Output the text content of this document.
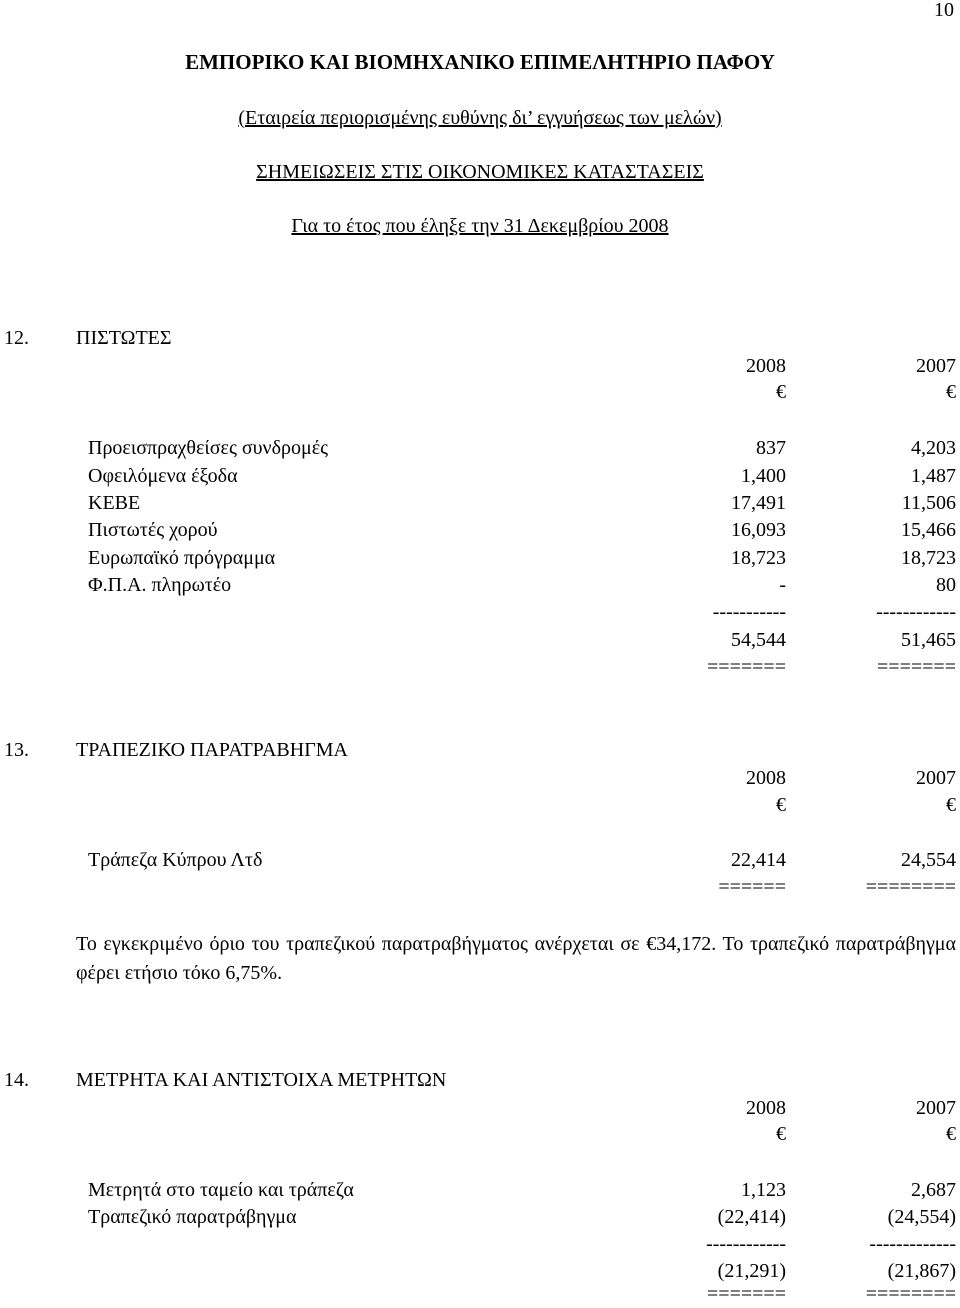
10
ΕΜΠΟΡΙΚΟ ΚΑΙ ΒΙΟΜΗΧΑΝΙΚΟ ΕΠΙΜΕΛΗΤΗΡΙΟ ΠΑΦΟΥ
(Εταιρεία περιορισμένης ευθύνης δι’ εγγυήσεως των μελών)
ΣΗΜΕΙΩΣΕΙΣ ΣΤΙΣ ΟΙΚΟΝΟΜΙΚΕΣ ΚΑΤΑΣΤΑΣΕΙΣ
Για το έτος που έληξε την 31 Δεκεμβρίου 2008
12. ΠΙΣΤΩΤΕΣ
2008	2007
€	€
Προεισπραχθείσες συνδρομές	837	4,203
Οφειλόμενα έξοδα	1,400	1,487
ΚΕΒΕ	17,491	11,506
Πιστωτές χορού	16,093	15,466
Ευρωπαϊκό πρόγραμμα	18,723	18,723
Φ.Π.Α. πληρωτέο	-	80
-----------	------------
54,544	51,465
=======	=======
13. ΤΡΑΠΕΖΙΚΟ ΠΑΡΑΤΡΑΒΗΓΜΑ
2008	2007
€	€
Τράπεζα Κύπρου Λτδ	22,414	24,554
======	========
Το εγκεκριμένο όριο του τραπεζικού παρατραβήγματος ανέρχεται σε €34,172. Το τραπεζικό παρατράβηγμα φέρει ετήσιο τόκο 6,75%.
14. ΜΕΤΡΗΤΑ ΚΑΙ ΑΝΤΙΣΤΟΙΧΑ ΜΕΤΡΗΤΩΝ
2008	2007
€	€
Μετρητά στο ταμείο και τράπεζα	1,123	2,687
Τραπεζικό παρατράβηγμα	(22,414)	(24,554)
------------	-------------
(21,291)	(21,867)
=======	========
